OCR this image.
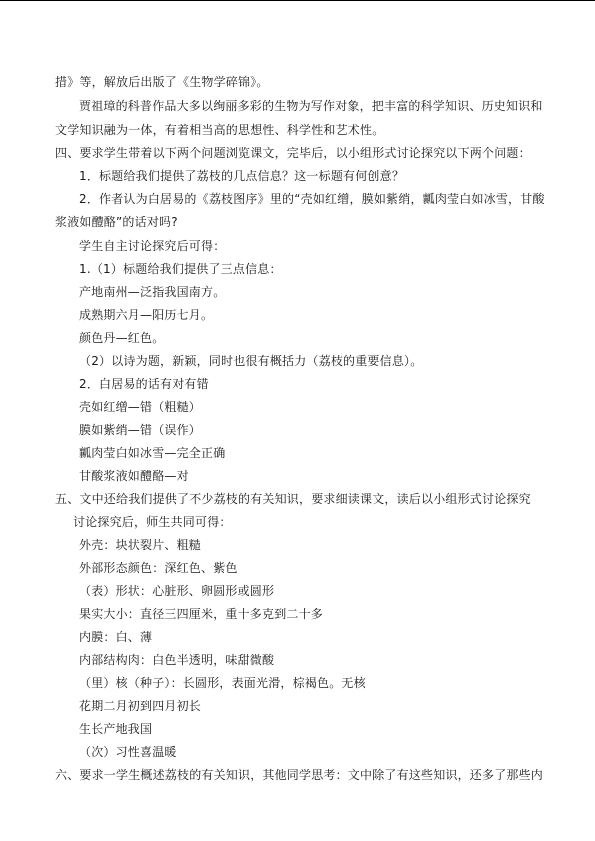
措》等，解放后出版了《生物学碎锦》。
贾祖璋的科普作品大多以绚丽多彩的生物为写作对象，把丰富的科学知识、历史知识和
文学知识融为一体，有着相当高的思想性、科学性和艺术性。
四、要求学生带着以下两个问题浏览课文，完毕后，以小组形式讨论探究以下两个问题：
1．标题给我们提供了荔枝的几点信息？这一标题有何创意？
2．作者认为白居易的《荔枝图序》里的“壳如红缯，膜如紫绡，瓤肉莹白如冰雪，甘酸
浆液如醴酪”的话对吗?
学生自主讨论探究后可得：
1.（1）标题给我们提供了三点信息：
产地南州—泛指我国南方。
成熟期六月—阳历七月。
颜色丹—红色。
（2）以诗为题，新颖，同时也很有概括力（荔枝的重要信息）。
2．白居易的话有对有错
壳如红缯—错（粗糙）
膜如紫绡—错（误作）
瓤肉莹白如冰雪—完全正确
甘酸浆液如醴酪—对
五、文中还给我们提供了不少荔枝的有关知识，要求细读课文，读后以小组形式讨论探究
讨论探究后，师生共同可得：
外壳：块状裂片、粗糙
外部形态颜色：深红色、紫色
（表）形状：心脏形、卵圆形或圆形
果实大小：直径三四厘米，重十多克到二十多
内膜：白、薄
内部结构肉：白色半透明，味甜微酸
（里）核（种子）：长圆形，表面光滑，棕褐色。无核
花期二月初到四月初长
生长产地我国
（次）习性喜温暖
六、要求一学生概述荔枝的有关知识，其他同学思考：文中除了有这些知识，还多了那些内
